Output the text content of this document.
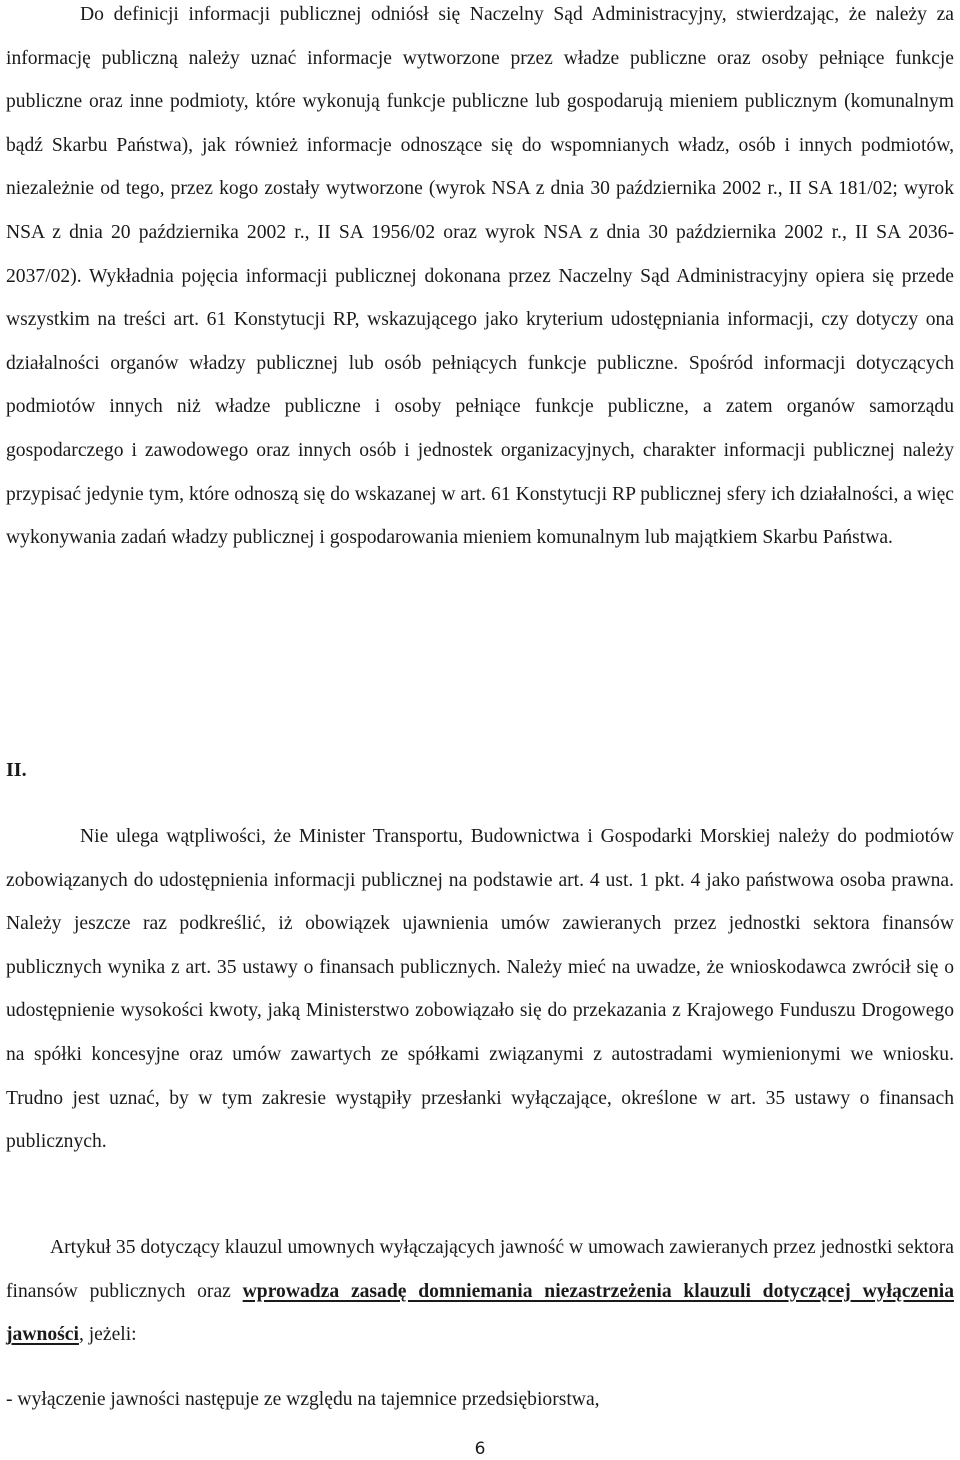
Do definicji informacji publicznej odniósł się Naczelny Sąd Administracyjny, stwierdzając, że należy za informację publiczną należy uznać informacje wytworzone przez władze publiczne oraz osoby pełniące funkcje publiczne oraz inne podmioty, które wykonują funkcje publiczne lub gospodarują mieniem publicznym (komunalnym bądź Skarbu Państwa), jak również informacje odnoszące się do wspomnianych władz, osób i innych podmiotów, niezależnie od tego, przez kogo zostały wytworzone (wyrok NSA z dnia 30 października 2002 r., II SA 181/02; wyrok NSA z dnia 20 października 2002 r., II SA 1956/02 oraz wyrok NSA z dnia 30 października 2002 r., II SA 2036-2037/02). Wykładnia pojęcia informacji publicznej dokonana przez Naczelny Sąd Administracyjny opiera się przede wszystkim na treści art. 61 Konstytucji RP, wskazującego jako kryterium udostępniania informacji, czy dotyczy ona działalności organów władzy publicznej lub osób pełniących funkcje publiczne. Spośród informacji dotyczących podmiotów innych niż władze publiczne i osoby pełniące funkcje publiczne, a zatem organów samorządu gospodarczego i zawodowego oraz innych osób i jednostek organizacyjnych, charakter informacji publicznej należy przypisać jedynie tym, które odnoszą się do wskazanej w art. 61 Konstytucji RP publicznej sfery ich działalności, a więc wykonywania zadań władzy publicznej i gospodarowania mieniem komunalnym lub majątkiem Skarbu Państwa.

II.

Nie ulega wątpliwości, że Minister Transportu, Budownictwa i Gospodarki Morskiej należy do podmiotów zobowiązanych do udostępnienia informacji publicznej na podstawie art. 4 ust. 1 pkt. 4 jako państwowa osoba prawna. Należy jeszcze raz podkreślić, iż obowiązek ujawnienia umów zawieranych przez jednostki sektora finansów publicznych wynika z art. 35 ustawy o finansach publicznych. Należy mieć na uwadze, że wnioskodawca zwrócił się o udostępnienie wysokości kwoty, jaką Ministerstwo zobowiązało się do przekazania z Krajowego Funduszu Drogowego na spółki koncesyjne oraz umów zawartych ze spółkami związanymi z autostradami wymienionymi we wniosku. Trudno jest uznać, by w tym zakresie wystąpiły przesłanki wyłączające, określone w art. 35 ustawy o finansach publicznych.

Artykuł 35 dotyczący klauzul umownych wyłączających jawność w umowach zawieranych przez jednostki sektora finansów publicznych oraz wprowadza zasadę domniemania niezastrzeżenia klauzuli dotyczącej wyłączenia jawności, jeżeli:

- wyłączenie jawności następuje ze względu na tajemnice przedsiębiorstwa,

6
